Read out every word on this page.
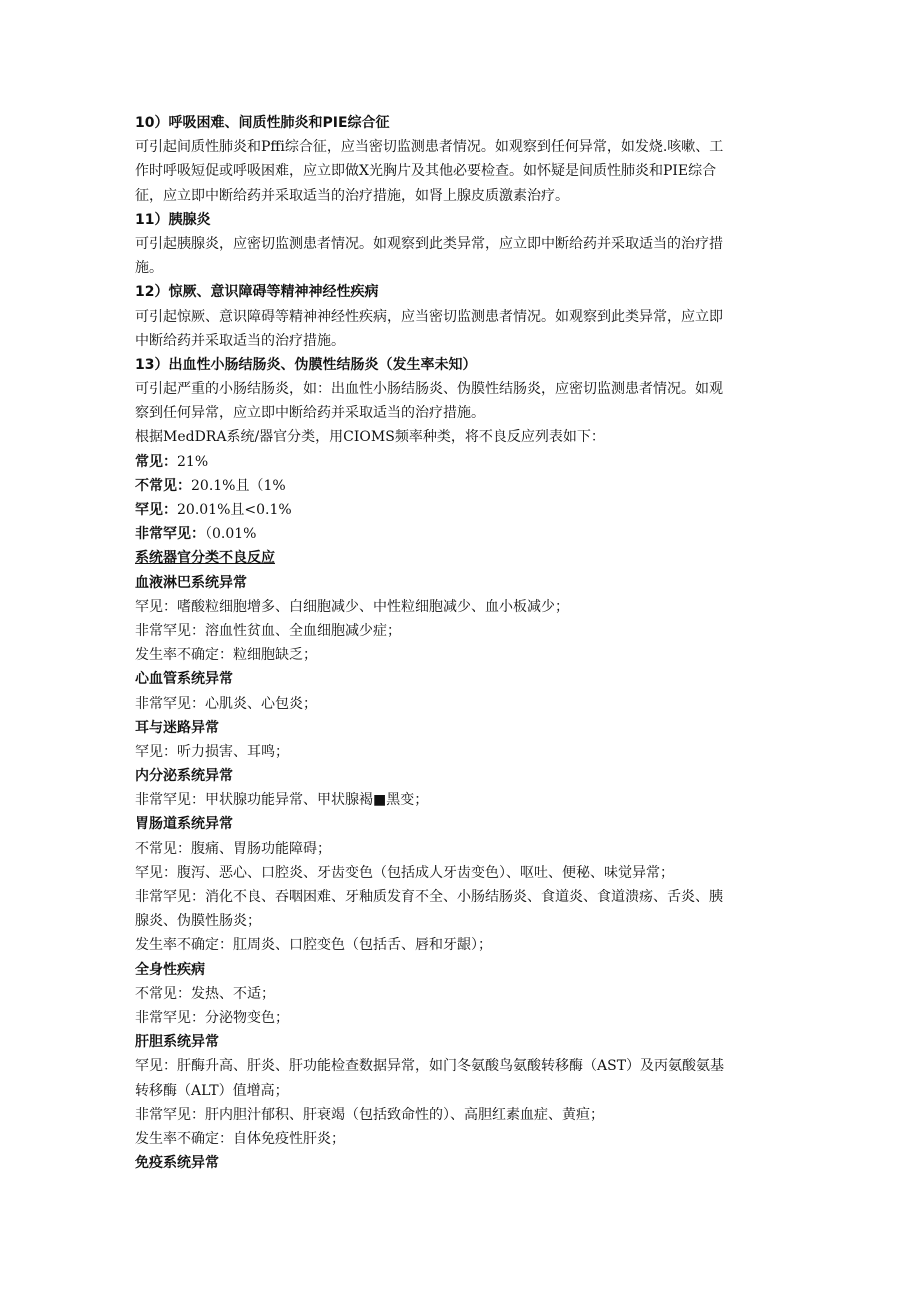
10）呼吸困难、间质性肺炎和PIE综合征
可引起间质性肺炎和Pffi综合征，应当密切监测患者情况。如观察到任何异常，如发烧.咳嗽、工
作时呼吸短促或呼吸困难，应立即做X光胸片及其他必要检查。如怀疑是间质性肺炎和PIE综合
征，应立即中断给药并采取适当的治疗措施，如肾上腺皮质激素治疗。
11）胰腺炎
可引起胰腺炎，应密切监测患者情况。如观察到此类异常，应立即中断给药并采取适当的治疗措
施。
12）惊厥、意识障碍等精神神经性疾病
可引起惊厥、意识障碍等精神神经性疾病，应当密切监测患者情况。如观察到此类异常，应立即
中断给药并采取适当的治疗措施。
13）出血性小肠结肠炎、伪膜性结肠炎（发生率未知）
可引起严重的小肠结肠炎，如：出血性小肠结肠炎、伪膜性结肠炎，应密切监测患者情况。如观
察到任何异常，应立即中断给药并采取适当的治疗措施。
根据MedDRA系统/器官分类，用CIOMS频率种类，将不良反应列表如下：
常见：21%
不常见：20.1%且（1%
罕见：20.01%且<0.1%
非常罕见：（0.01%
系统器官分类不良反应
血液淋巴系统异常
罕见：嗜酸粒细胞增多、白细胞减少、中性粒细胞减少、血小板减少；
非常罕见：溶血性贫血、全血细胞减少症；
发生率不确定：粒细胞缺乏；
心血管系统异常
非常罕见：心肌炎、心包炎；
耳与迷路异常
罕见：听力损害、耳鸣；
内分泌系统异常
非常罕见：甲状腺功能异常、甲状腺褐■黑变；
胃肠道系统异常
不常见：腹痛、胃肠功能障碍；
罕见：腹泻、恶心、口腔炎、牙齿变色（包括成人牙齿变色）、呕吐、便秘、味觉异常；
非常罕见：消化不良、吞咽困难、牙釉质发育不全、小肠结肠炎、食道炎、食道溃疡、舌炎、胰
腺炎、伪膜性肠炎；
发生率不确定：肛周炎、口腔变色（包括舌、唇和牙龈）；
全身性疾病
不常见：发热、不适；
非常罕见：分泌物变色；
肝胆系统异常
罕见：肝酶升高、肝炎、肝功能检查数据异常，如门冬氨酸鸟氨酸转移酶（AST）及丙氨酸氨基
转移酶（ALT）值增高；
非常罕见：肝内胆汁郁积、肝衰竭（包括致命性的）、高胆红素血症、黄疸；
发生率不确定：自体免疫性肝炎；
免疫系统异常
